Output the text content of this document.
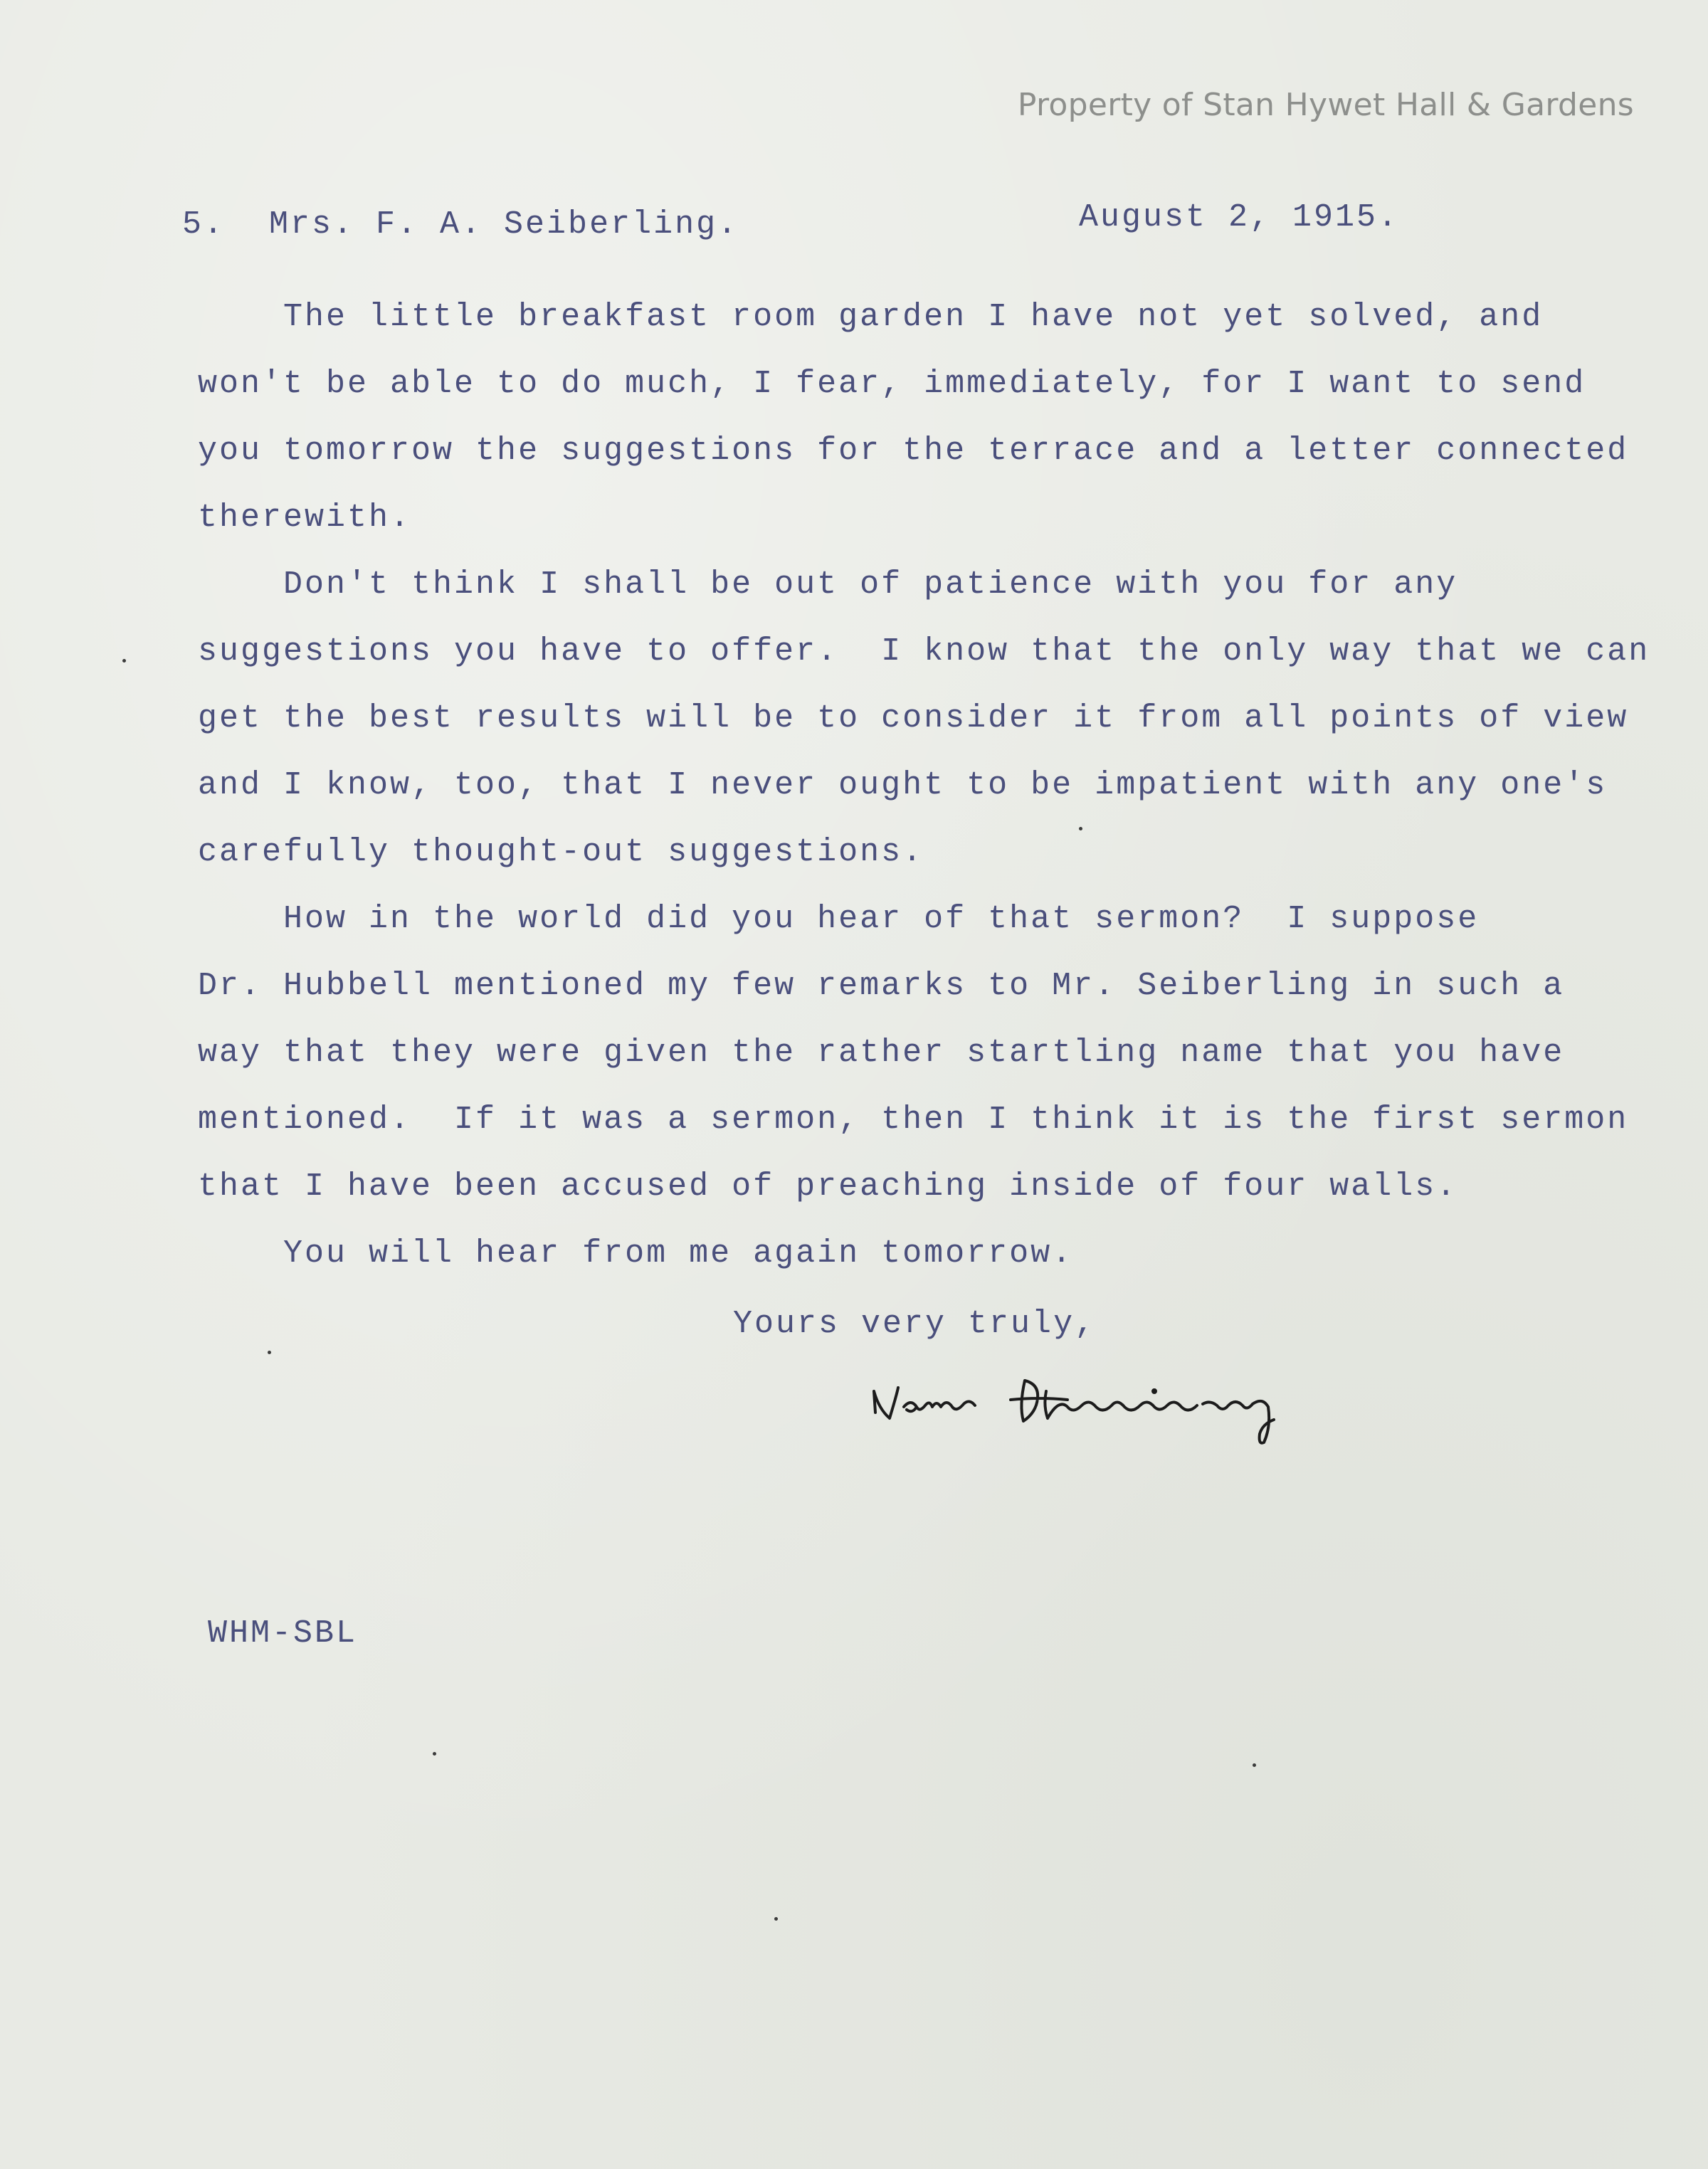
Property of Stan Hywet Hall & Gardens
5. Mrs. F. A. Seiberling.	August 2, 1915.
The little breakfast room garden I have not yet solved, and
won't be able to do much, I fear, immediately, for I want to send
you tomorrow the suggestions for the terrace and a letter connected
therewith.
Don't think I shall be out of patience with you for any
suggestions you have to offer.  I know that the only way that we can
get the best results will be to consider it from all points of view
and I know, too, that I never ought to be impatient with any one's
carefully thought-out suggestions.
How in the world did you hear of that sermon?  I suppose
Dr. Hubbell mentioned my few remarks to Mr. Seiberling in such a
way that they were given the rather startling name that you have
mentioned.  If it was a sermon, then I think it is the first sermon
that I have been accused of preaching inside of four walls.
You will hear from me again tomorrow.
Yours very truly,
WHM-SBL
